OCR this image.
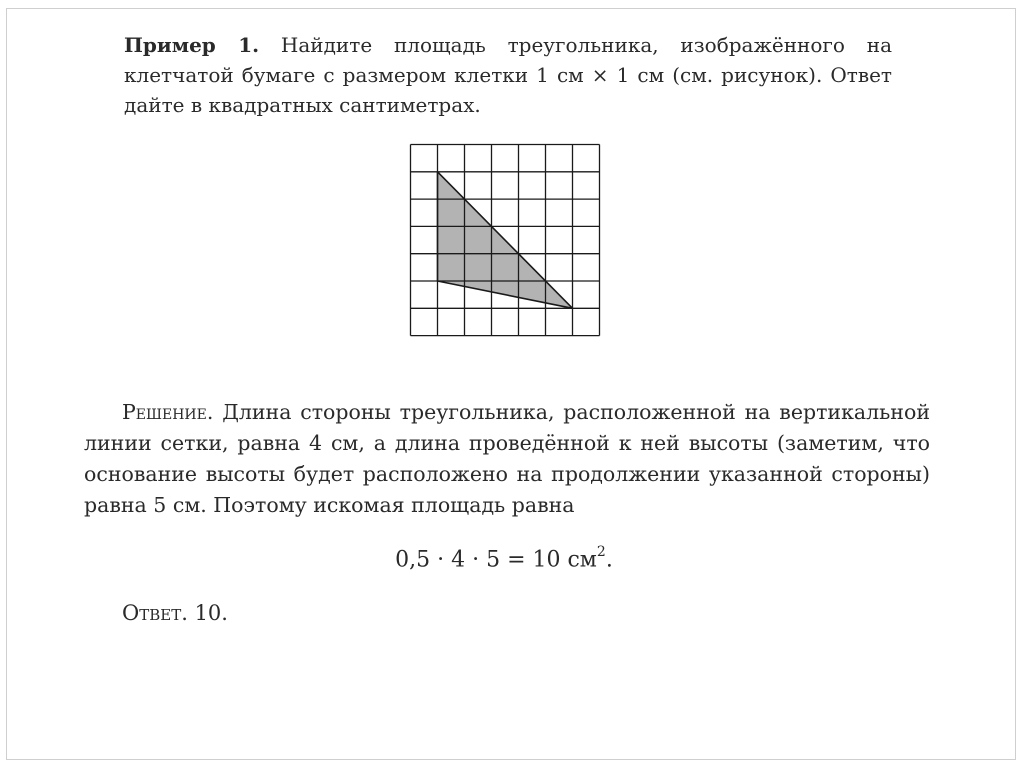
Пример 1. Найдите площадь треугольника, изображённого на клетчатой бумаге с размером клетки 1 см × 1 см (см. рисунок). Ответ дайте в квадратных сантиметрах.
Решение. Длина стороны треугольника, расположенной на вертикальной линии сетки, равна 4 см, а длина проведённой к ней высоты (заметим, что основание высоты будет расположено на продолжении указанной стороны) равна 5 см. Поэтому искомая площадь равна
0,5 · 4 · 5 = 10 $см^2$.
Ответ. 10.
